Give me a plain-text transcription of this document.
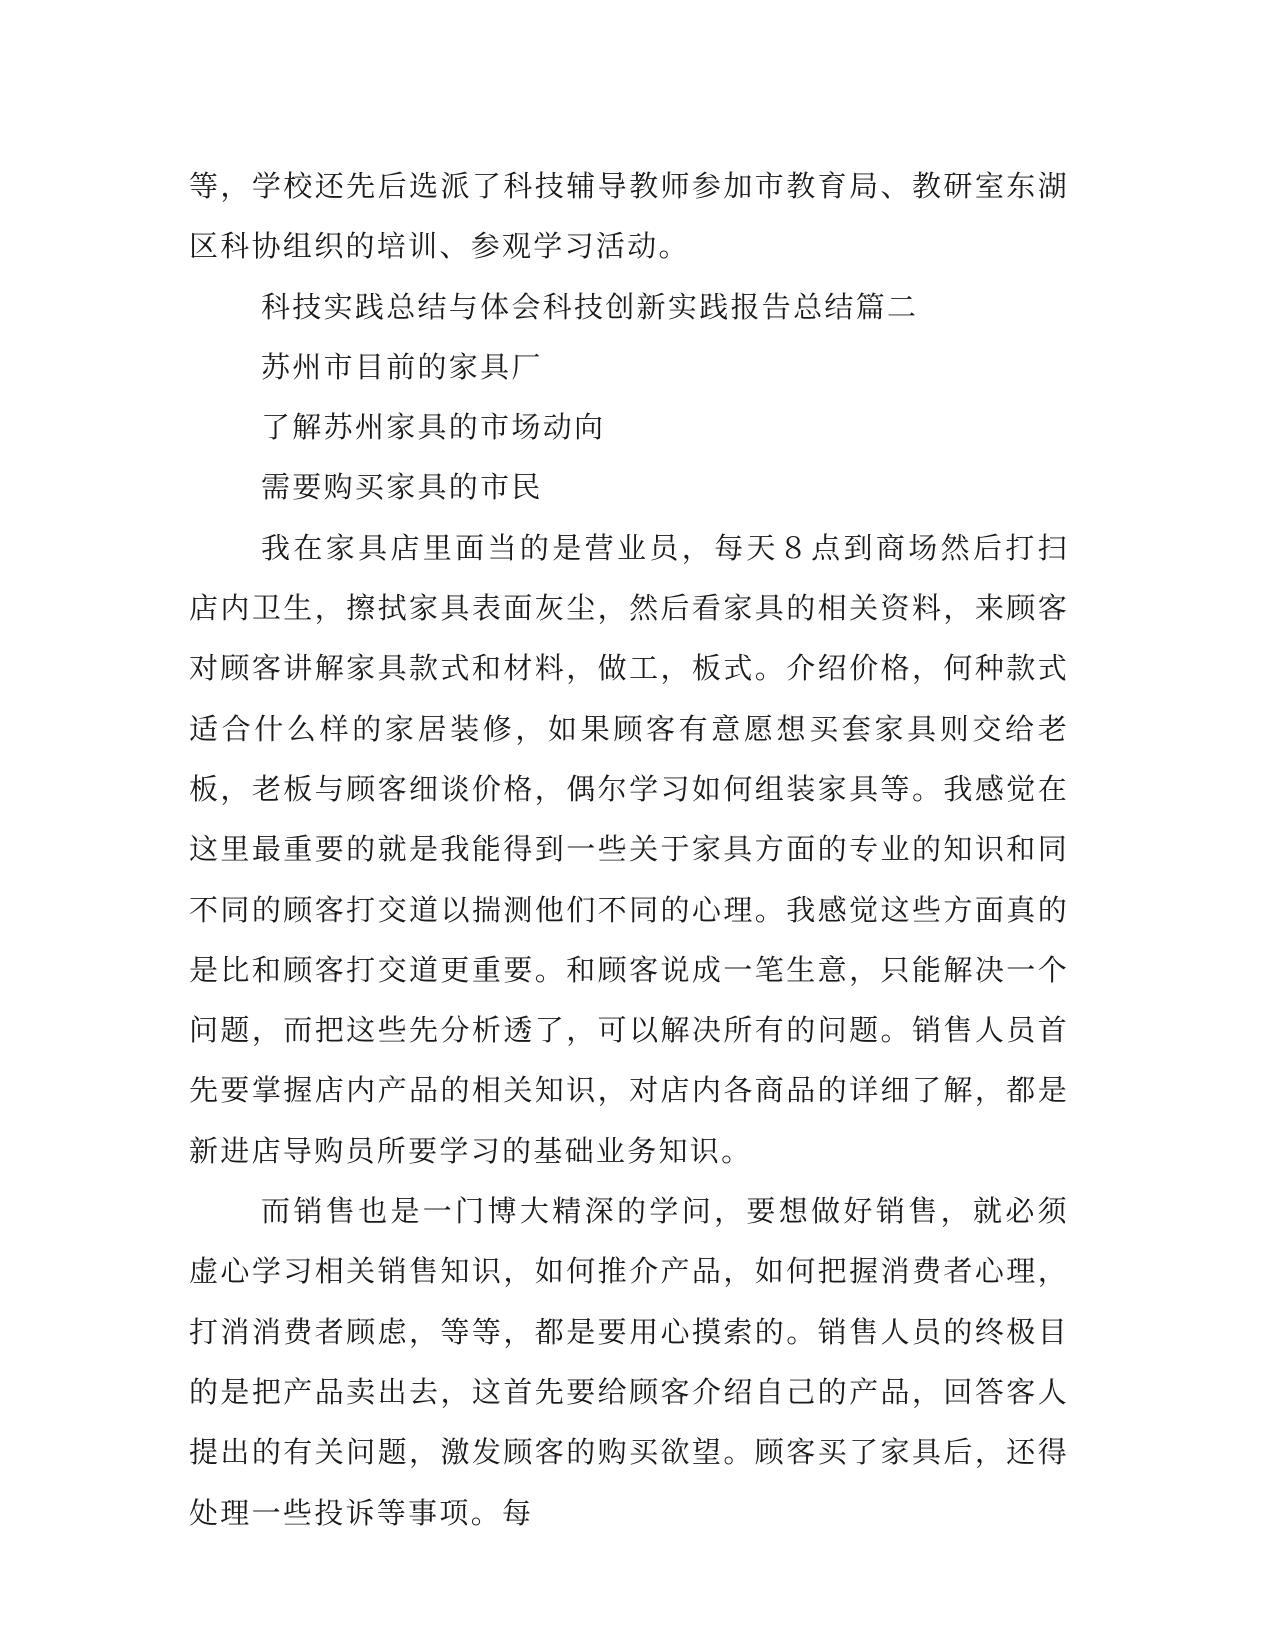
等，学校还先后选派了科技辅导教师参加市教育局、教研室东湖区科协组织的培训、参观学习活动。

科技实践总结与体会科技创新实践报告总结篇二

苏州市目前的家具厂

了解苏州家具的市场动向

需要购买家具的市民

我在家具店里面当的是营业员，每天８点到商场然后打扫店内卫生，擦拭家具表面灰尘，然后看家具的相关资料，来顾客对顾客讲解家具款式和材料，做工，板式。介绍价格，何种款式适合什么样的家居装修，如果顾客有意愿想买套家具则交给老板，老板与顾客细谈价格，偶尔学习如何组装家具等。我感觉在这里最重要的就是我能得到一些关于家具方面的专业的知识和同不同的顾客打交道以揣测他们不同的心理。我感觉这些方面真的是比和顾客打交道更重要。和顾客说成一笔生意，只能解决一个问题，而把这些先分析透了，可以解决所有的问题。销售人员首先要掌握店内产品的相关知识，对店内各商品的详细了解，都是新进店导购员所要学习的基础业务知识。

而销售也是一门博大精深的学问，要想做好销售，就必须虚心学习相关销售知识，如何推介产品，如何把握消费者心理，打消消费者顾虑，等等，都是要用心摸索的。销售人员的终极目的是把产品卖出去，这首先要给顾客介绍自己的产品，回答客人提出的有关问题，激发顾客的购买欲望。顾客买了家具后，还得处理一些投诉等事项。每
